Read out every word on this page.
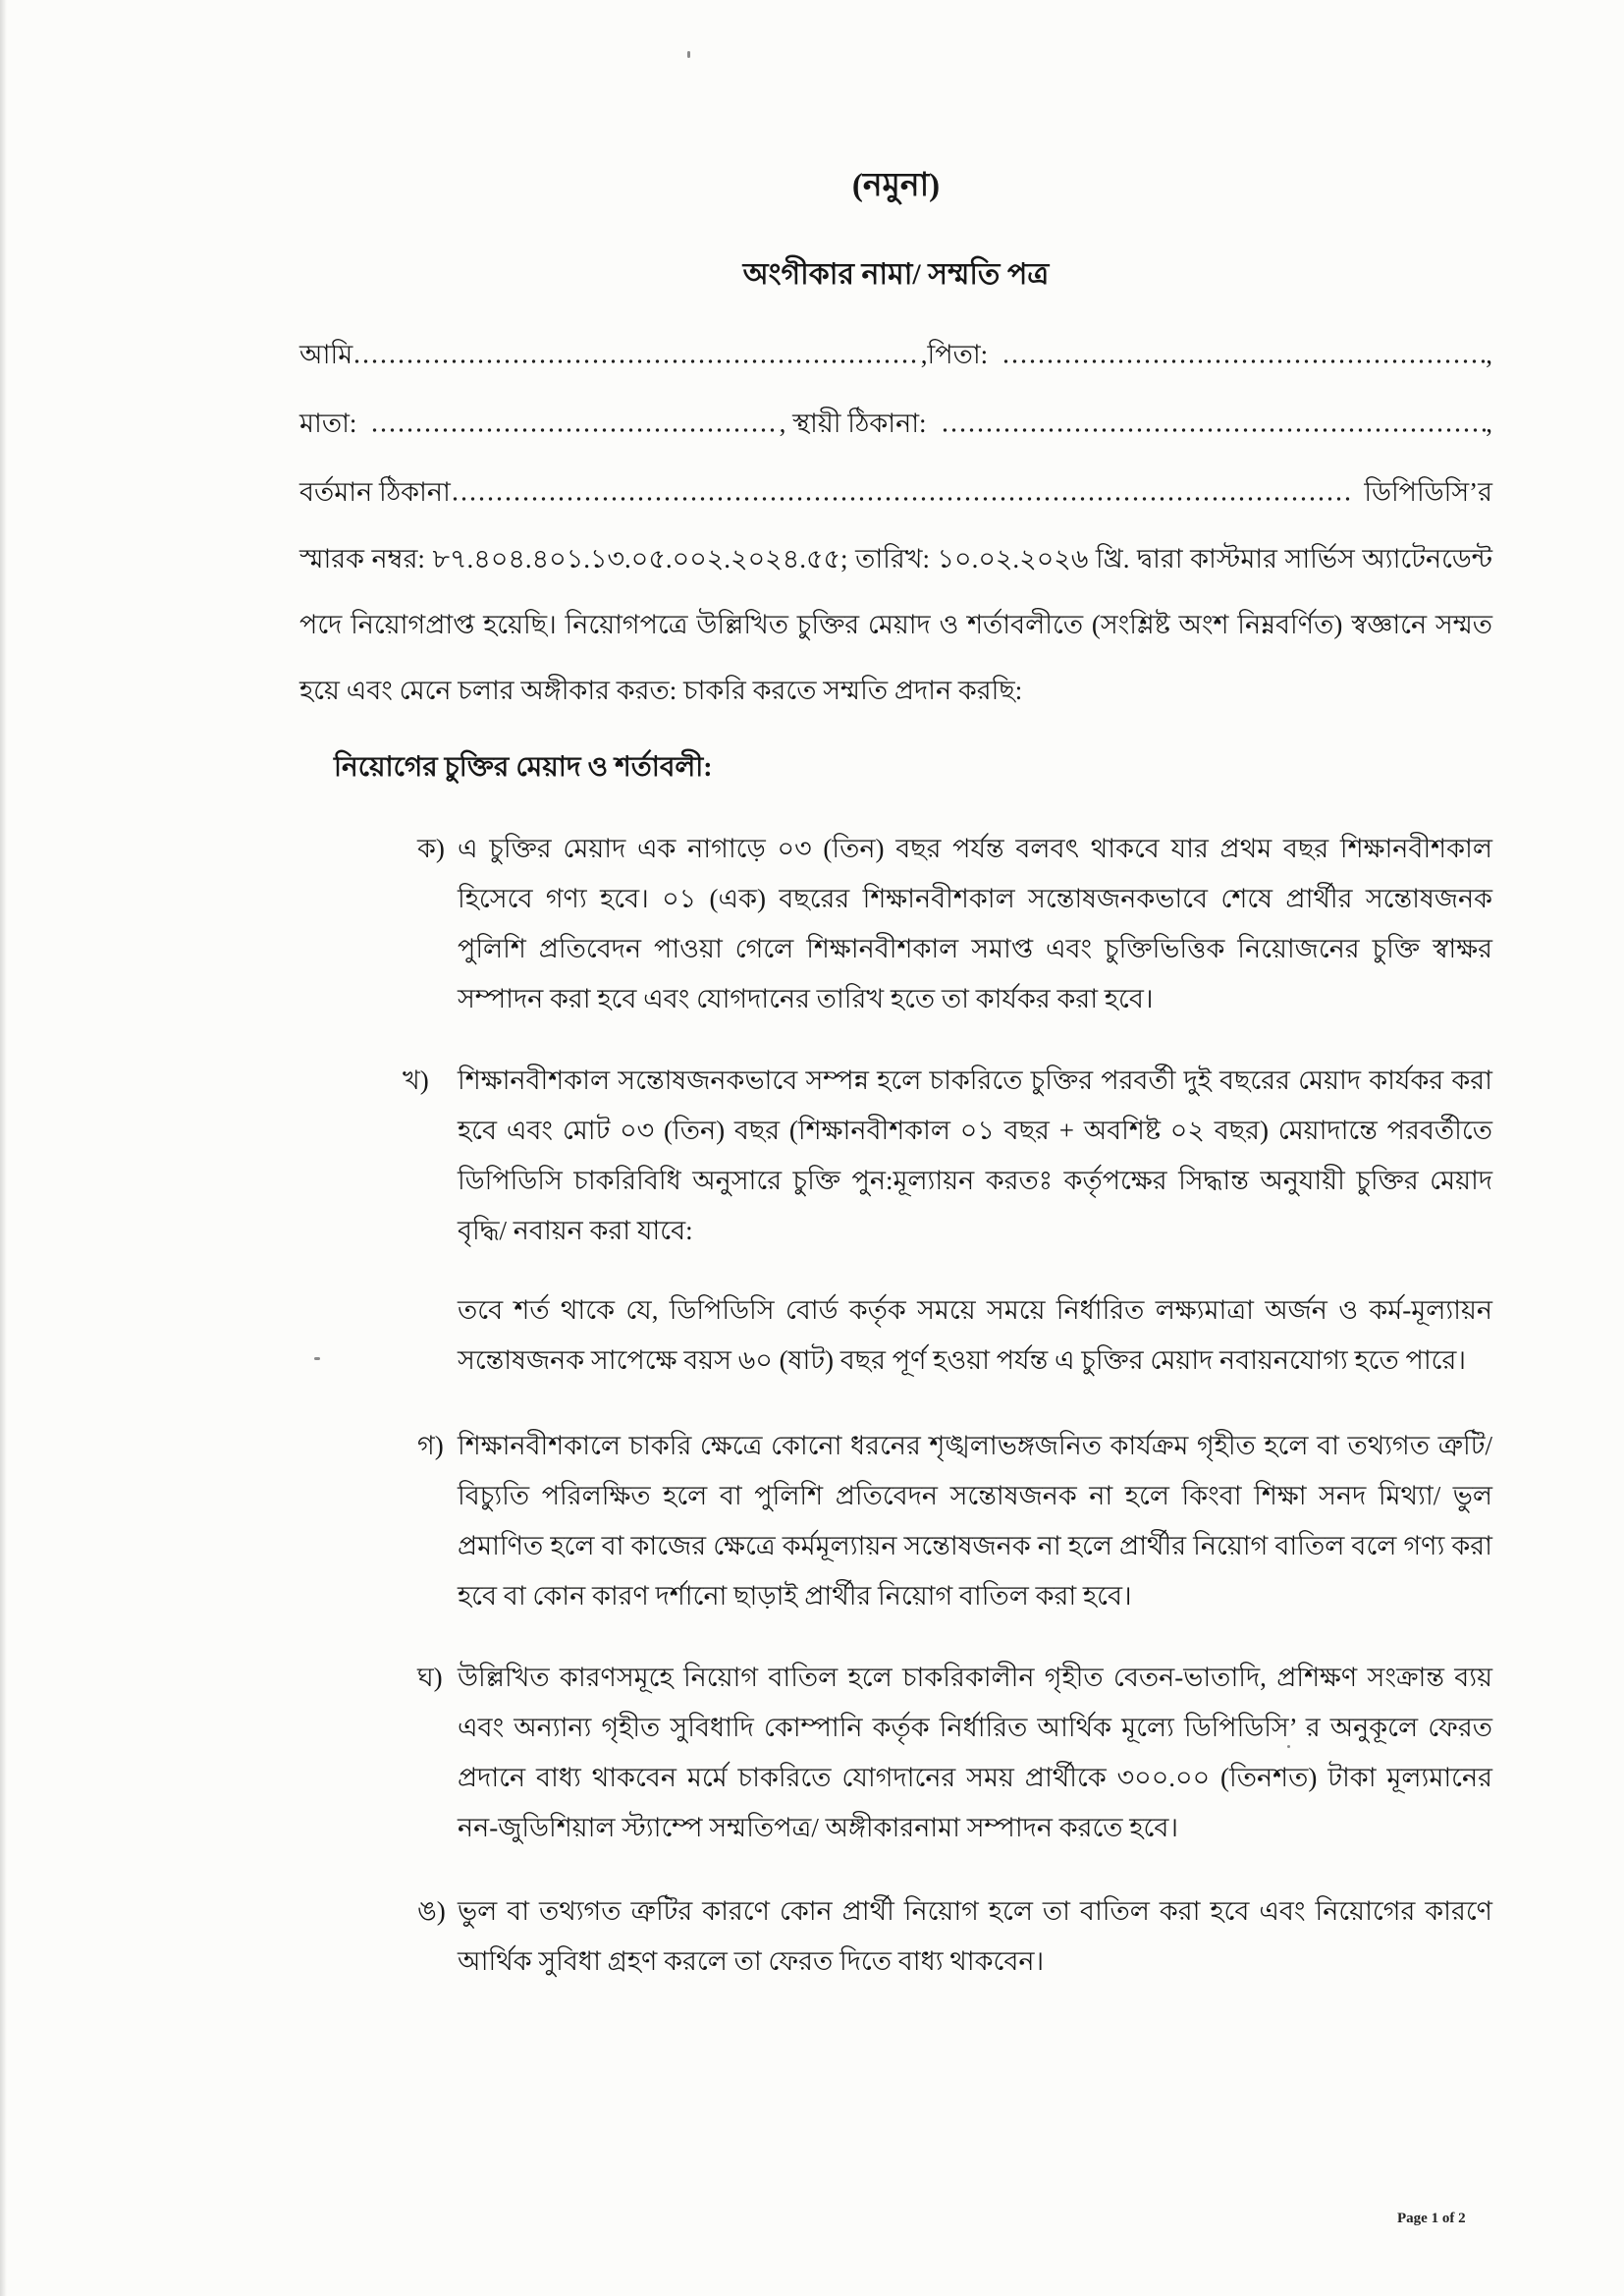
(নমুনা)
অংগীকার নামা/ সম্মতি পত্র
আমি	,পিতা:	,
মাতা:	, স্থায়ী ঠিকানা:	,
বর্তমান ঠিকানা	ডিপিডিসি’র

স্মারক নম্বর: ৮৭.৪০৪.৪০১.১৩.০৫.০০২.২০২৪.৫৫; তারিখ: ১০.০২.২০২৬ খ্রি. দ্বারা কাস্টমার সার্ভিস অ্যাটেনডেন্ট পদে নিয়োগপ্রাপ্ত হয়েছি। নিয়োগপত্রে উল্লিখিত চুক্তির মেয়াদ ও শর্তাবলীতে (সংশ্লিষ্ট অংশ নিম্নবর্ণিত) স্বজ্ঞানে সম্মত হয়ে এবং মেনে চলার অঙ্গীকার করত: চাকরি করতে সম্মতি প্রদান করছি:

নিয়োগের চুক্তির মেয়াদ ও শর্তাবলী:
ক) এ চুক্তির মেয়াদ এক নাগাড়ে ০৩ (তিন) বছর পর্যন্ত বলবৎ থাকবে যার প্রথম বছর শিক্ষানবীশকাল হিসেবে গণ্য হবে। ০১ (এক) বছরের শিক্ষানবীশকাল সন্তোষজনকভাবে শেষে প্রার্থীর সন্তোষজনক পুলিশি প্রতিবেদন পাওয়া গেলে শিক্ষানবীশকাল সমাপ্ত এবং চুক্তিভিত্তিক নিয়োজনের চুক্তি স্বাক্ষর সম্পাদন করা হবে এবং যোগদানের তারিখ হতে তা কার্যকর করা হবে।
খ) শিক্ষানবীশকাল সন্তোষজনকভাবে সম্পন্ন হলে চাকরিতে চুক্তির পরবর্তী দুই বছরের মেয়াদ কার্যকর করা হবে এবং মোট ০৩ (তিন) বছর (শিক্ষানবীশকাল ০১ বছর + অবশিষ্ট ০২ বছর) মেয়াদান্তে পরবর্তীতে ডিপিডিসি চাকরিবিধি অনুসারে চুক্তি পুন:মূল্যায়ন করতঃ কর্তৃপক্ষের সিদ্ধান্ত অনুযায়ী চুক্তির মেয়াদ বৃদ্ধি/ নবায়ন করা যাবে:
তবে শর্ত থাকে যে, ডিপিডিসি বোর্ড কর্তৃক সময়ে সময়ে নির্ধারিত লক্ষ্যমাত্রা অর্জন ও কর্ম-মূল্যায়ন সন্তোষজনক সাপেক্ষে বয়স ৬০ (ষাট) বছর পূর্ণ হওয়া পর্যন্ত এ চুক্তির মেয়াদ নবায়নযোগ্য হতে পারে।
গ) শিক্ষানবীশকালে চাকরি ক্ষেত্রে কোনো ধরনের শৃঙ্খলাভঙ্গজনিত কার্যক্রম গৃহীত হলে বা তথ্যগত ত্রুটি/ বিচ্যুতি পরিলক্ষিত হলে বা পুলিশি প্রতিবেদন সন্তোষজনক না হলে কিংবা শিক্ষা সনদ মিথ্যা/ ভুল প্রমাণিত হলে বা কাজের ক্ষেত্রে কর্মমূল্যায়ন সন্তোষজনক না হলে প্রার্থীর নিয়োগ বাতিল বলে গণ্য করা হবে বা কোন কারণ দর্শানো ছাড়াই প্রার্থীর নিয়োগ বাতিল করা হবে।
ঘ) উল্লিখিত কারণসমূহে নিয়োগ বাতিল হলে চাকরিকালীন গৃহীত বেতন-ভাতাদি, প্রশিক্ষণ সংক্রান্ত ব্যয় এবং অন্যান্য গৃহীত সুবিধাদি কোম্পানি কর্তৃক নির্ধারিত আর্থিক মূল্যে ডিপিডিসি’ র অনুকূলে ফেরত প্রদানে বাধ্য থাকবেন মর্মে চাকরিতে যোগদানের সময় প্রার্থীকে ৩০০.০০ (তিনশত) টাকা মূল্যমানের নন-জুডিশিয়াল স্ট্যাম্পে সম্মতিপত্র/ অঙ্গীকারনামা সম্পাদন করতে হবে।
ঙ) ভুল বা তথ্যগত ত্রুটির কারণে কোন প্রার্থী নিয়োগ হলে তা বাতিল করা হবে এবং নিয়োগের কারণে আর্থিক সুবিধা গ্রহণ করলে তা ফেরত দিতে বাধ্য থাকবেন।
Page 1 of 2
